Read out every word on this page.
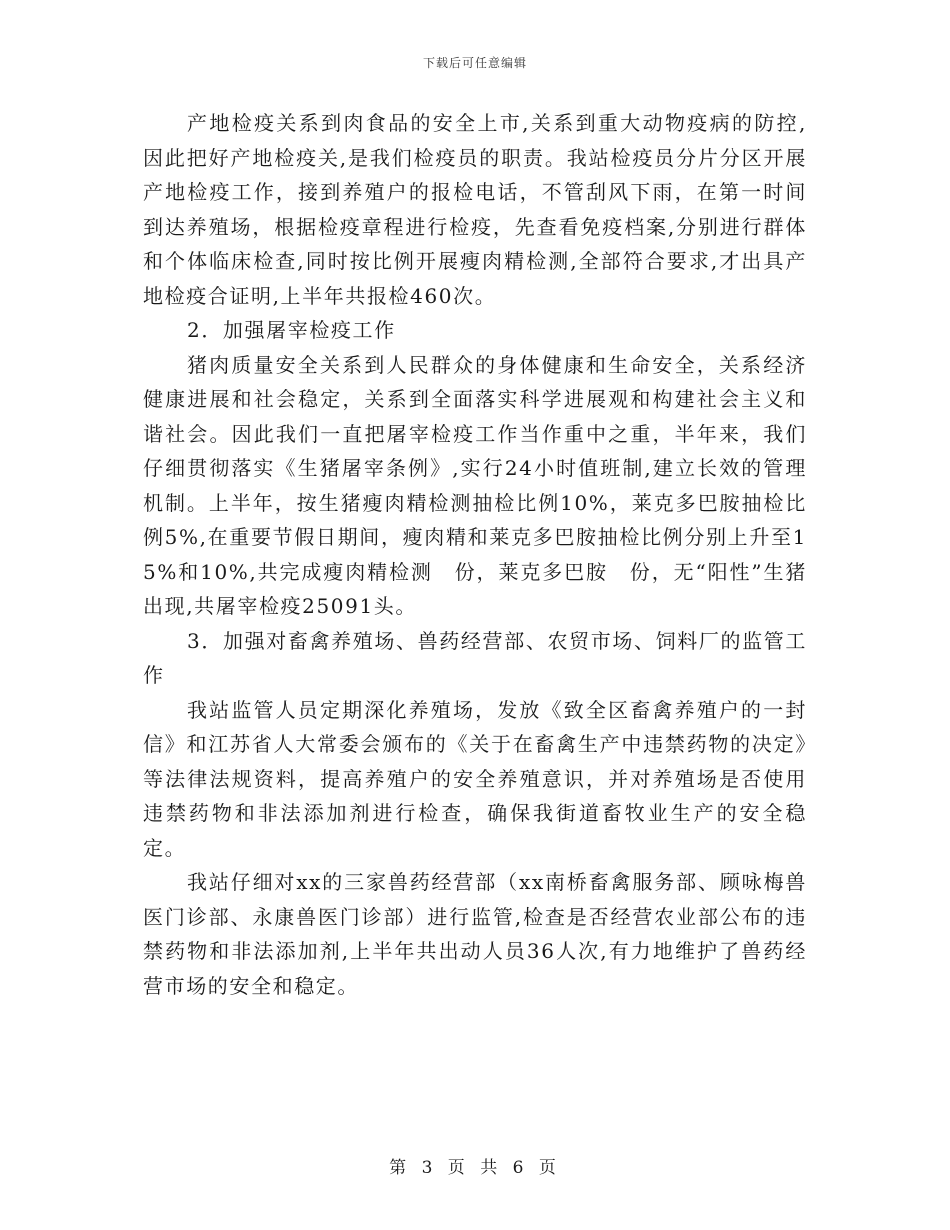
下载后可任意编辑

产地检疫关系到肉食品的安全上市,关系到重大动物疫病的防控,因此把好产地检疫关,是我们检疫员的职责。我站检疫员分片分区开展产地检疫工作，接到养殖户的报检电话，不管刮风下雨，在第一时间到达养殖场，根据检疫章程进行检疫，先查看免疫档案,分别进行群体和个体临床检查,同时按比例开展瘦肉精检测,全部符合要求,才出具产地检疫合证明,上半年共报检460次。

2．加强屠宰检疫工作

猪肉质量安全关系到人民群众的身体健康和生命安全，关系经济健康进展和社会稳定，关系到全面落实科学进展观和构建社会主义和谐社会。因此我们一直把屠宰检疫工作当作重中之重，半年来，我们仔细贯彻落实《生猪屠宰条例》,实行24小时值班制,建立长效的管理机制。上半年，按生猪瘦肉精检测抽检比例10%，莱克多巴胺抽检比例5%,在重要节假日期间，瘦肉精和莱克多巴胺抽检比例分别上升至15%和10%,共完成瘦肉精检测　份，莱克多巴胺　份，无“阳性”生猪出现,共屠宰检疫25091头。

3．加强对畜禽养殖场、兽药经营部、农贸市场、饲料厂的监管工作

我站监管人员定期深化养殖场，发放《致全区畜禽养殖户的一封信》和江苏省人大常委会颁布的《关于在畜禽生产中违禁药物的决定》等法律法规资料，提高养殖户的安全养殖意识，并对养殖场是否使用违禁药物和非法添加剂进行检查，确保我街道畜牧业生产的安全稳定。

我站仔细对xx的三家兽药经营部（xx南桥畜禽服务部、顾咏梅兽医门诊部、永康兽医门诊部）进行监管,检查是否经营农业部公布的违禁药物和非法添加剂,上半年共出动人员36人次,有力地维护了兽药经营市场的安全和稳定。

第 3 页 共 6 页
